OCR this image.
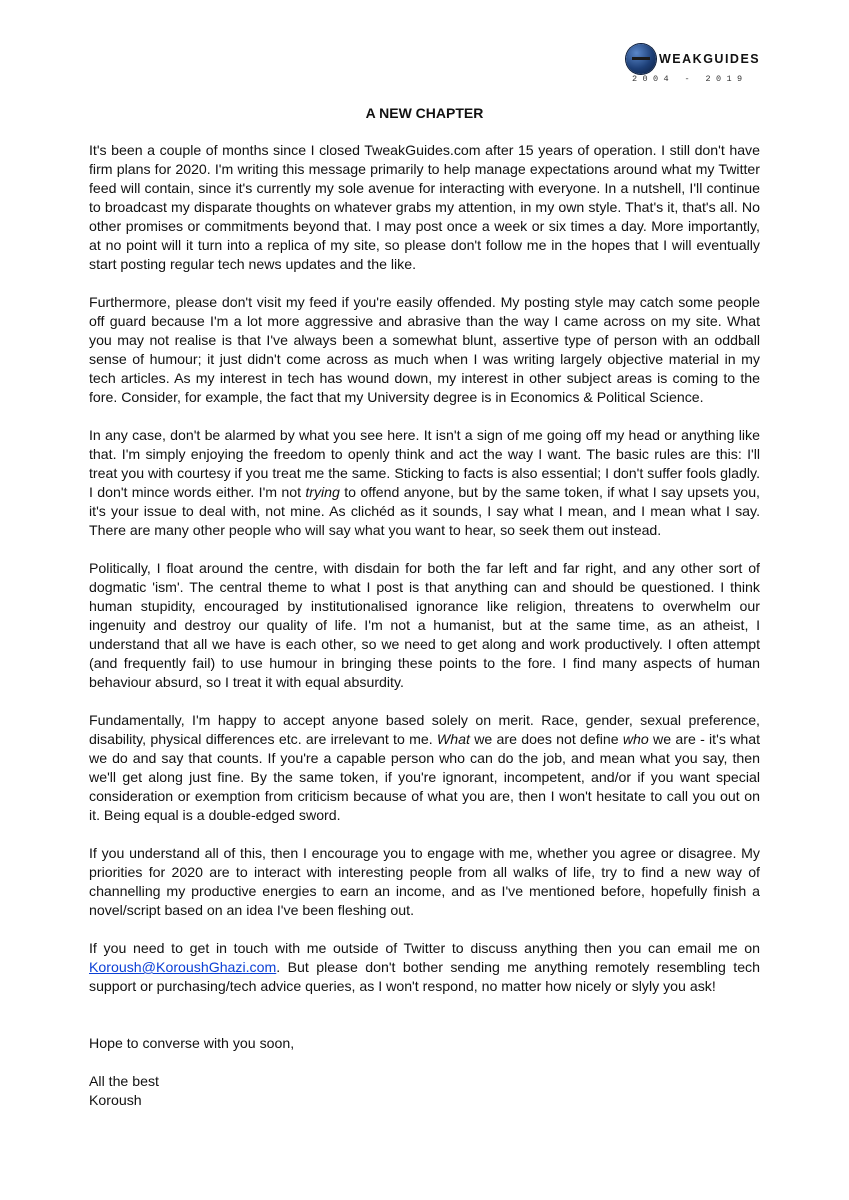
WEAKGUIDES
2004 - 2019
A NEW CHAPTER

It's been a couple of months since I closed TweakGuides.com after 15 years of operation. I still don't have firm plans for 2020. I'm writing this message primarily to help manage expectations around what my Twitter feed will contain, since it's currently my sole avenue for interacting with everyone. In a nutshell, I'll continue to broadcast my disparate thoughts on whatever grabs my attention, in my own style. That's it, that's all. No other promises or commitments beyond that. I may post once a week or six times a day. More importantly, at no point will it turn into a replica of my site, so please don't follow me in the hopes that I will eventually start posting regular tech news updates and the like.

Furthermore, please don't visit my feed if you're easily offended. My posting style may catch some people off guard because I'm a lot more aggressive and abrasive than the way I came across on my site. What you may not realise is that I've always been a somewhat blunt, assertive type of person with an oddball sense of humour; it just didn't come across as much when I was writing largely objective material in my tech articles. As my interest in tech has wound down, my interest in other subject areas is coming to the fore. Consider, for example, the fact that my University degree is in Economics & Political Science.

In any case, don't be alarmed by what you see here. It isn't a sign of me going off my head or anything like that. I'm simply enjoying the freedom to openly think and act the way I want. The basic rules are this: I'll treat you with courtesy if you treat me the same. Sticking to facts is also essential; I don't suffer fools gladly. I don't mince words either. I'm not trying to offend anyone, but by the same token, if what I say upsets you, it's your issue to deal with, not mine. As clichéd as it sounds, I say what I mean, and I mean what I say. There are many other people who will say what you want to hear, so seek them out instead.

Politically, I float around the centre, with disdain for both the far left and far right, and any other sort of dogmatic 'ism'. The central theme to what I post is that anything can and should be questioned. I think human stupidity, encouraged by institutionalised ignorance like religion, threatens to overwhelm our ingenuity and destroy our quality of life. I'm not a humanist, but at the same time, as an atheist, I understand that all we have is each other, so we need to get along and work productively. I often attempt (and frequently fail) to use humour in bringing these points to the fore. I find many aspects of human behaviour absurd, so I treat it with equal absurdity.

Fundamentally, I'm happy to accept anyone based solely on merit. Race, gender, sexual preference, disability, physical differences etc. are irrelevant to me. What we are does not define who we are - it's what we do and say that counts. If you're a capable person who can do the job, and mean what you say, then we'll get along just fine. By the same token, if you're ignorant, incompetent, and/or if you want special consideration or exemption from criticism because of what you are, then I won't hesitate to call you out on it. Being equal is a double-edged sword.

If you understand all of this, then I encourage you to engage with me, whether you agree or disagree. My priorities for 2020 are to interact with interesting people from all walks of life, try to find a new way of channelling my productive energies to earn an income, and as I've mentioned before, hopefully finish a novel/script based on an idea I've been fleshing out.

If you need to get in touch with me outside of Twitter to discuss anything then you can email me on Koroush@KoroushGhazi.com. But please don't bother sending me anything remotely resembling tech support or purchasing/tech advice queries, as I won't respond, no matter how nicely or slyly you ask!

Hope to converse with you soon,

All the best

Koroush
